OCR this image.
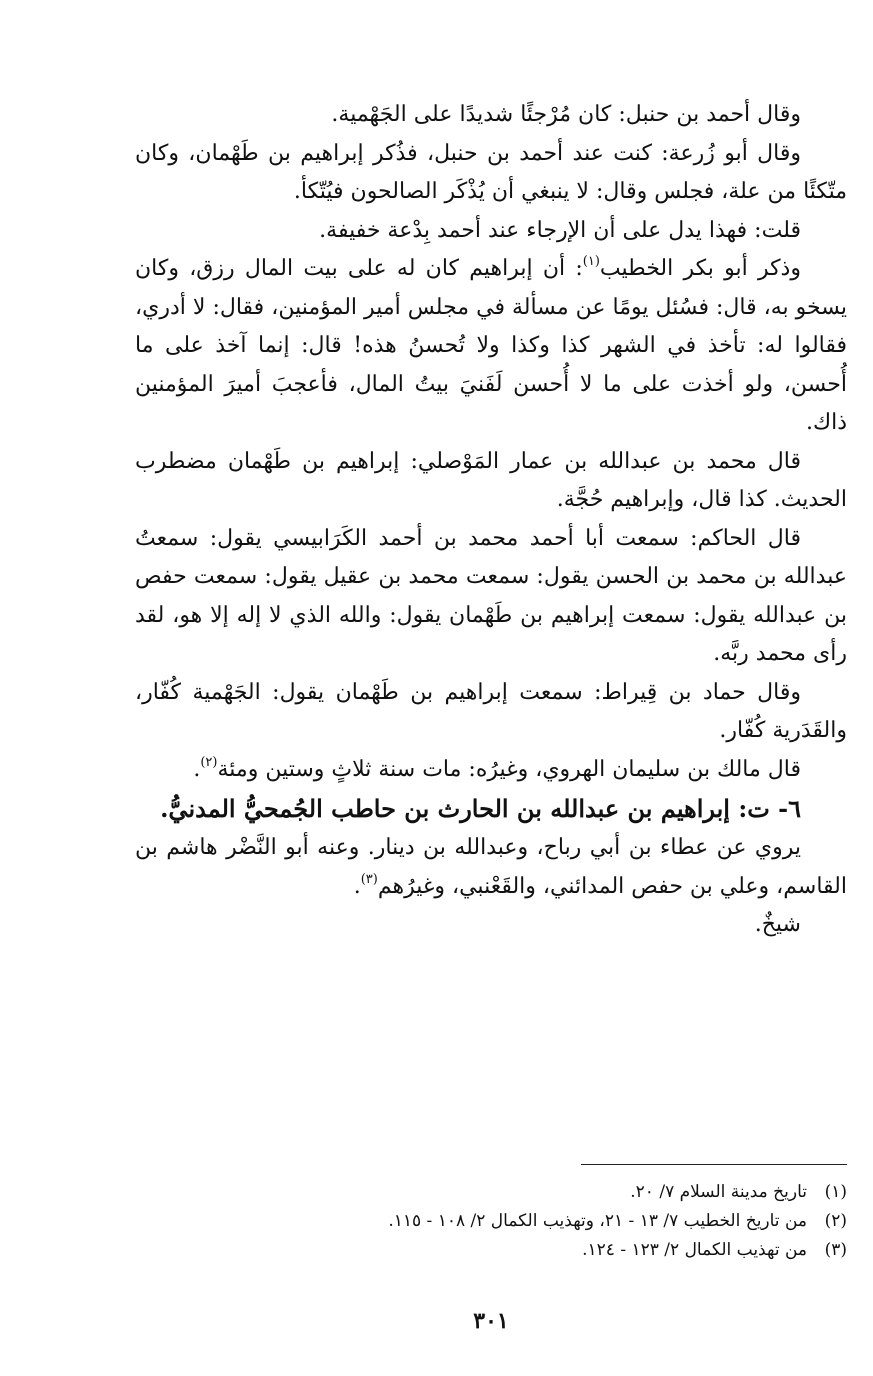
وقال أحمد بن حنبل: كان مُرْجئًا شديدًا على الجَهْمية.

وقال أبو زُرعة: كنت عند أحمد بن حنبل، فذُكر إبراهيم بن طَهْمان، وكان متّكئًا من علة، فجلس وقال: لا ينبغي أن يُذْكَر الصالحون فيُتّكأ.

قلت: فهذا يدل على أن الإرجاء عند أحمد بِدْعة خفيفة.

وذكر أبو بكر الخطيب$^{(١)}$: أن إبراهيم كان له على بيت المال رزق، وكان يسخو به، قال: فسُئل يومًا عن مسألة في مجلس أمير المؤمنين، فقال: لا أدري، فقالوا له: تأخذ في الشهر كذا وكذا ولا تُحسنُ هذه! قال: إنما آخذ على ما أُحسن، ولو أخذت على ما لا أُحسن لَفَنيَ بيتُ المال، فأعجبَ أميرَ المؤمنين ذاك.

قال محمد بن عبدالله بن عمار المَوْصلي: إبراهيم بن طَهْمان مضطرب الحديث. كذا قال، وإبراهيم حُجَّة.

قال الحاكم: سمعت أبا أحمد محمد بن أحمد الكَرَابيسي يقول: سمعتُ عبدالله بن محمد بن الحسن يقول: سمعت محمد بن عقيل يقول: سمعت حفص بن عبدالله يقول: سمعت إبراهيم بن طَهْمان يقول: والله الذي لا إله إلا هو، لقد رأى محمد ربَّه.

وقال حماد بن قِيراط: سمعت إبراهيم بن طَهْمان يقول: الجَهْمية كُفّار، والقَدَرية كُفّار.

قال مالك بن سليمان الهروي، وغيرُه: مات سنة ثلاثٍ وستين ومئة$^{(٢)}$.

٦- ت: إبراهيم بن عبدالله بن الحارث بن حاطب الجُمحيُّ المدنيُّ.

يروي عن عطاء بن أبي رباح، وعبدالله بن دينار. وعنه أبو النَّضْر هاشم بن القاسم، وعلي بن حفص المدائني، والقَعْنبي، وغيرُهم$^{(٣)}$.

شيخٌ.

(١)تاريخ مدينة السلام ٧/ ٢٠.

(٢)من تاريخ الخطيب ٧/ ١٣ - ٢١، وتهذيب الكمال ٢/ ١٠٨ - ١١٥.

(٣)من تهذيب الكمال ٢/ ١٢٣ - ١٢٤.

٣٠١
